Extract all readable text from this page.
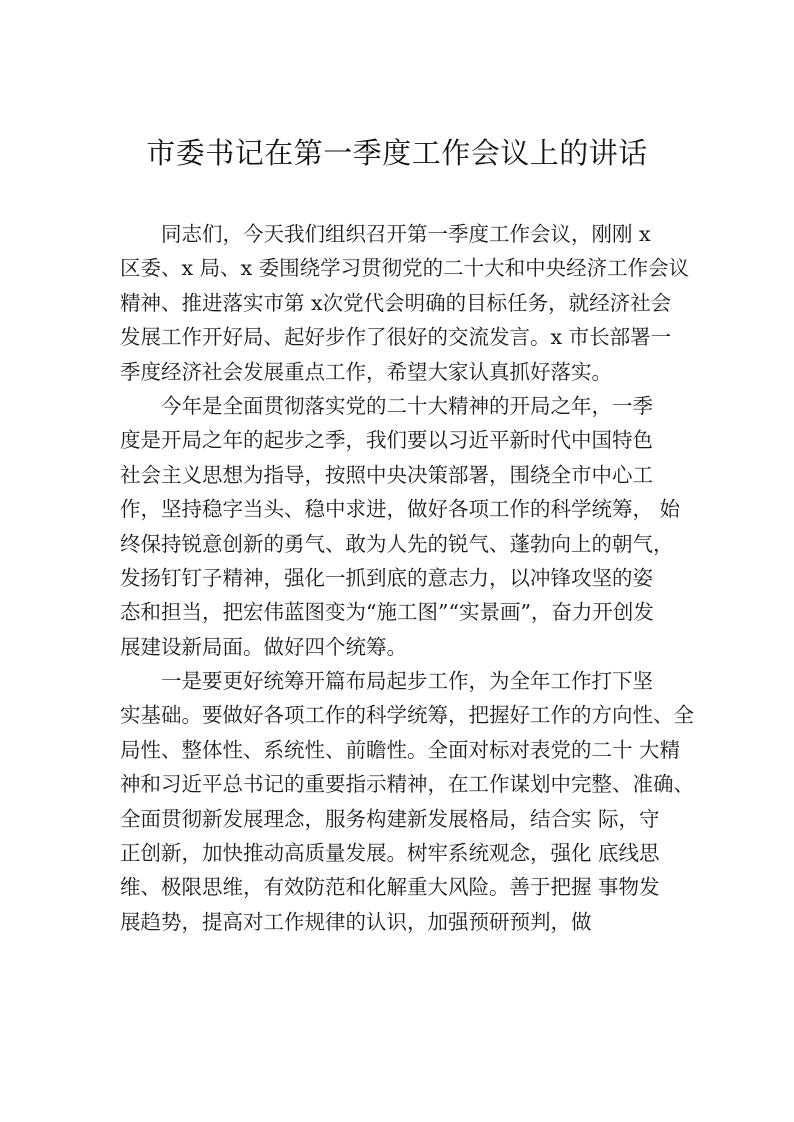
市委书记在第一季度工作会议上的讲话
　　同志们，今天我们组织召开第一季度工作会议，刚刚 x
区委、x 局、x 委围绕学习贯彻党的二十大和中央经济工作会议
精神、推进落实市第 x次党代会明确的目标任务，就经济社会
发展工作开好局、起好步作了很好的交流发言。x 市长部署一
季度经济社会发展重点工作，希望大家认真抓好落实。
　　今年是全面贯彻落实党的二十大精神的开局之年，一季
度是开局之年的起步之季，我们要以习近平新时代中国特色
社会主义思想为指导，按照中央决策部署，围绕全市中心工
作，坚持稳字当头、稳中求进，做好各项工作的科学统筹， 始
终保持锐意创新的勇气、敢为人先的锐气、蓬勃向上的朝气，
发扬钉钉子精神，强化一抓到底的意志力，以冲锋攻坚的姿
态和担当，把宏伟蓝图变为“施工图”“实景画”，奋力开创发
展建设新局面。做好四个统筹。
　　一是要更好统筹开篇布局起步工作，为全年工作打下坚
实基础。要做好各项工作的科学统筹，把握好工作的方向性、全
局性、整体性、系统性、前瞻性。全面对标对表党的二十 大精
神和习近平总书记的重要指示精神，在工作谋划中完整、准确、
全面贯彻新发展理念，服务构建新发展格局，结合实 际，守
正创新，加快推动高质量发展。树牢系统观念，强化 底线思
维、极限思维，有效防范和化解重大风险。善于把握 事物发
展趋势，提高对工作规律的认识，加强预研预判，做
